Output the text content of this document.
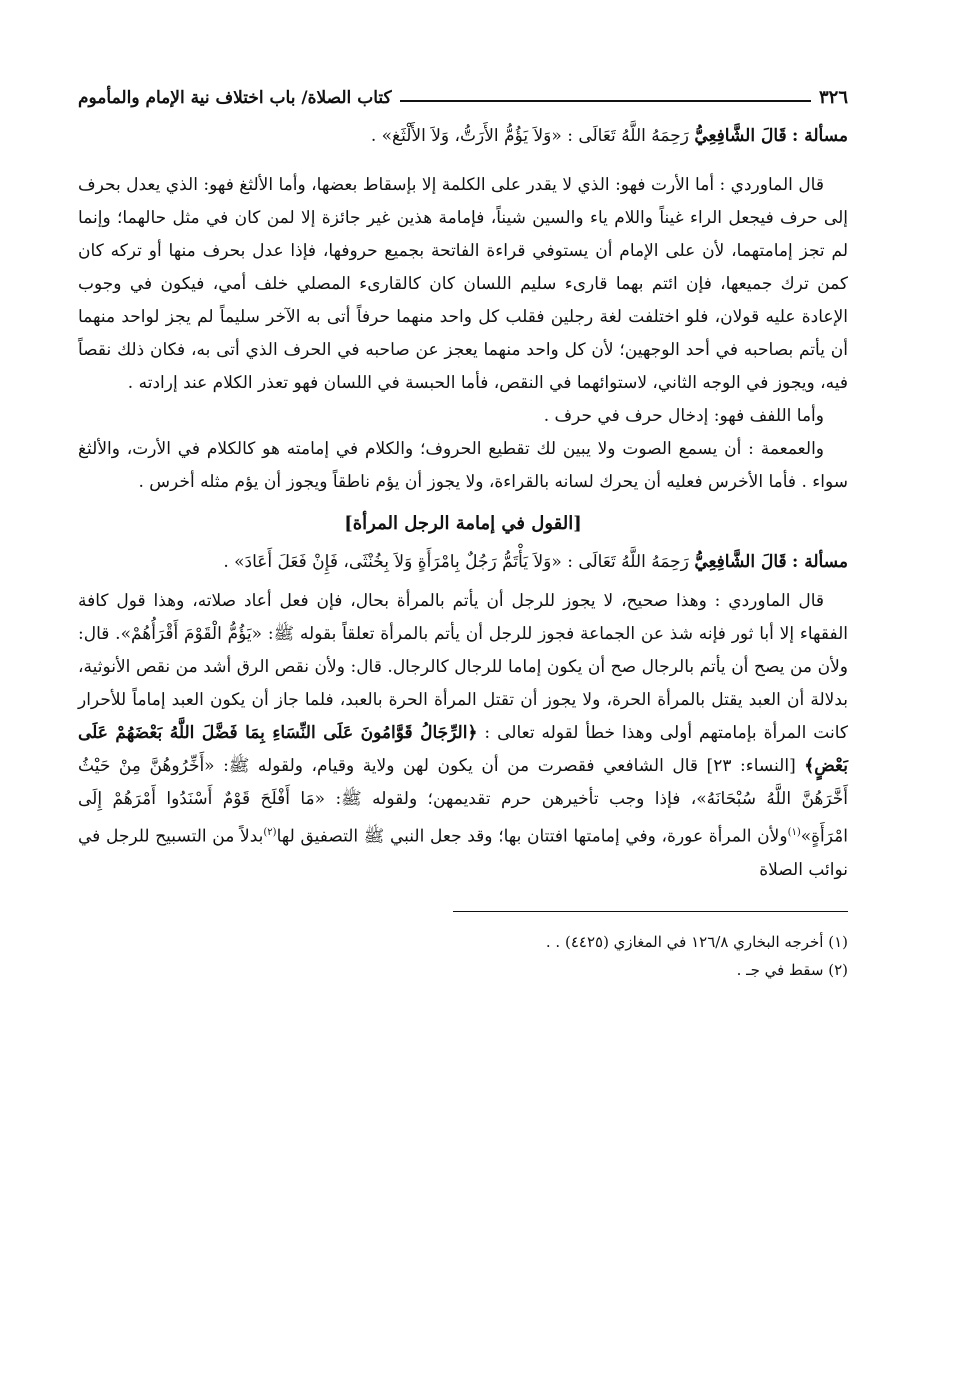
٣٢٦
كتاب الصلاة/ باب اختلاف نية الإمام والمأموم

مسألة : قَالَ الشَّافِعِيُّ رَحِمَهُ اللَّهُ تَعَالَى : «وَلاَ يَؤُمُّ الأَرَتُّ، وَلاَ الأَلْثَغ» .

قال الماوردي : أما الأرت فهو: الذي لا يقدر على الكلمة إلا بإسقاط بعضها، وأما الألثغ فهو: الذي يعدل بحرف إلى حرف فيجعل الراء غيناً واللام ياء والسين شيناً، فإمامة هذين غير جائزة إلا لمن كان في مثل حالهما؛ وإنما لم تجز إمامتهما، لأن على الإمام أن يستوفي قراءة الفاتحة بجميع حروفها، فإذا عدل بحرف منها أو تركه كان كمن ترك جميعها، فإن ائتم بهما قارىء سليم اللسان كان كالقارىء المصلي خلف أمي، فيكون في وجوب الإعادة عليه قولان، فلو اختلفت لغة رجلين فقلب كل واحد منهما حرفاً أتى به الآخر سليماً لم يجز لواحد منهما أن يأتم بصاحبه في أحد الوجهين؛ لأن كل واحد منهما يعجز عن صاحبه في الحرف الذي أتى به، فكان ذلك نقصاً فيه، ويجوز في الوجه الثاني، لاستوائهما في النقص، فأما الحبسة في اللسان فهو تعذر الكلام عند إرادته .

وأما اللفف فهو: إدخال حرف في حرف .

والعمعمة : أن يسمع الصوت ولا يبين لك تقطيع الحروف؛ والكلام في إمامته هو كالكلام في الأرت، والألثغ سواء . فأما الأخرس فعليه أن يحرك لسانه بالقراءة، ولا يجوز أن يؤم ناطقاً ويجوز أن يؤم مثله أخرس .

[القول في إمامة الرجل المرأة]

مسألة : قَالَ الشَّافِعِيُّ رَحِمَهُ اللَّهُ تَعَالَى : «وَلاَ يَأْتَمُّ رَجُلٌ بِامْرَأَةٍ وَلاَ بِخُنْثَى، فَإِنْ فَعَلَ أَعَادَ» .

قال الماوردي : وهذا صحيح، لا يجوز للرجل أن يأتم بالمرأة بحال، فإن فعل أعاد صلاته، وهذا قول كافة الفقهاء إلا أبا ثور فإنه شذ عن الجماعة فجوز للرجل أن يأتم بالمرأة تعلقاً بقوله ﷺ: «يَؤُمُّ الْقَوْمَ أَقْرَأُهُمْ». قال: ولأن من يصح أن يأتم بالرجال صح أن يكون إماما للرجال كالرجال. قال: ولأن نقص الرق أشد من نقص الأنوثية، بدلالة أن العبد يقتل بالمرأة الحرة، ولا يجوز أن تقتل المرأة الحرة بالعبد، فلما جاز أن يكون العبد إماماً للأحرار كانت المرأة بإمامتهم أولى وهذا خطأ لقوله تعالى : ﴿الرِّجَالُ قَوَّامُونَ عَلَى النِّسَاءِ بِمَا فَضَّلَ اللَّهُ بَعْضَهُمْ عَلَى بَعْضٍ﴾ [النساء: ٢٣] قال الشافعي فقصرت من أن يكون لهن ولاية وقيام، ولقوله ﷺ: «أَخِّرُوهُنَّ مِنْ حَيْثُ أَخَّرَهُنَّ اللَّهُ سُبْحَانَهُ»، فإذا وجب تأخيرهن حرم تقديمهن؛ ولقوله ﷺ: «مَا أَفْلَحَ قَوْمٌ أَسْنَدُوا أَمْرَهُمْ إِلَى امْرَأَةٍ»$^{(١)}$ولأن المرأة عورة، وفي إمامتها افتتان بها؛ وقد جعل النبي ﷺ التصفيق لها$^{(٢)}$بدلاً من التسبيح للرجل في نوائب الصلاة

(١) أخرجه البخاري ١٢٦/٨ في المغازي (٤٤٢٥) . .

(٢) سقط في جـ .
